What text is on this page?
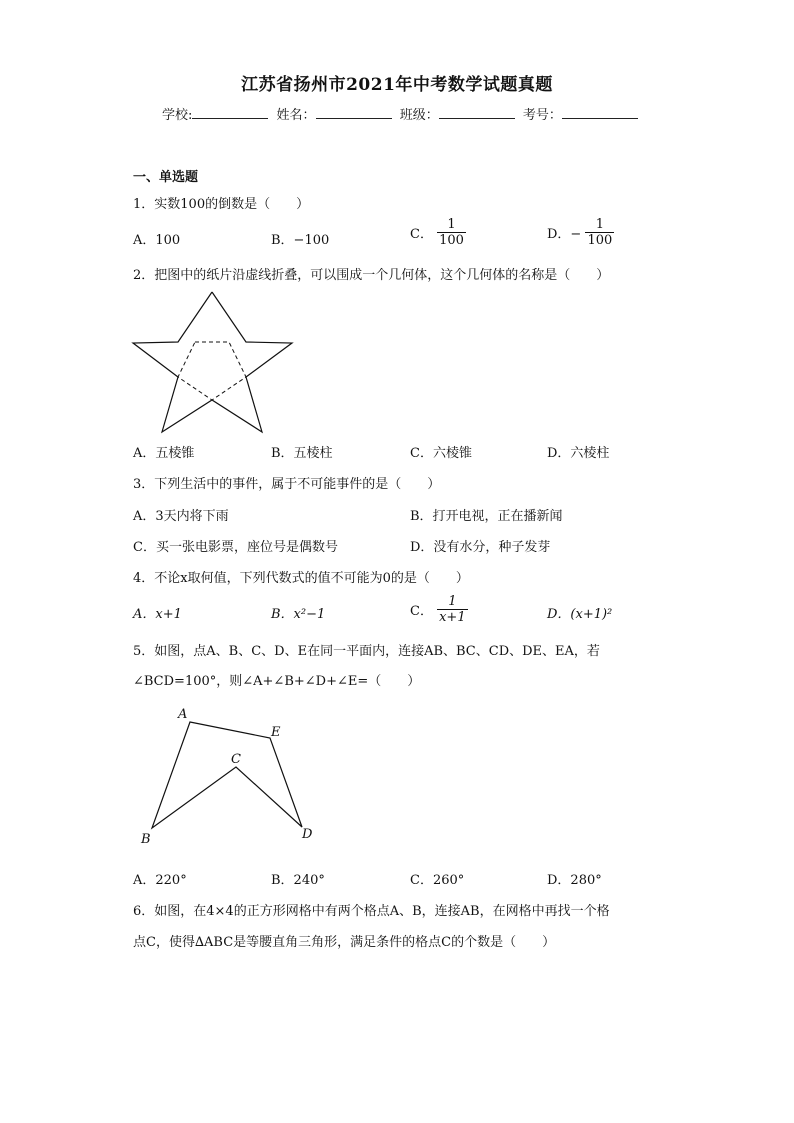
江苏省扬州市2021年中考数学试题真题
学校:	姓名：	班级：	考号：
一、单选题
1．实数100的倒数是（　　）
A．100	B．−100	C． $\frac{1}{100}$	D．− $\frac{1}{100}$
2．把图中的纸片沿虚线折叠，可以围成一个几何体，这个几何体的名称是（　　）
A．五棱锥	B．五棱柱	C．六棱锥	D．六棱柱
3．下列生活中的事件，属于不可能事件的是（　　）
A．3天内将下雨	B．打开电视，正在播新闻
C．买一张电影票，座位号是偶数号	D．没有水分，种子发芽
4．不论x取何值，下列代数式的值不可能为0的是（　　）
A．x+1	B．x²−1	C． $\frac{1}{x+1}$	D．(x+1)²
5．如图，点A、B、C、D、E在同一平面内，连接AB、BC、CD、DE、EA，若
∠BCD=100°，则∠A+∠B+∠D+∠E=（　　）
A
E
C
B	D
A．220°	B．240°	C．260°	D．280°
6．如图，在4×4的正方形网格中有两个格点A、B，连接AB，在网格中再找一个格
点C，使得∆ABC是等腰直角三角形，满足条件的格点C的个数是（　　）
